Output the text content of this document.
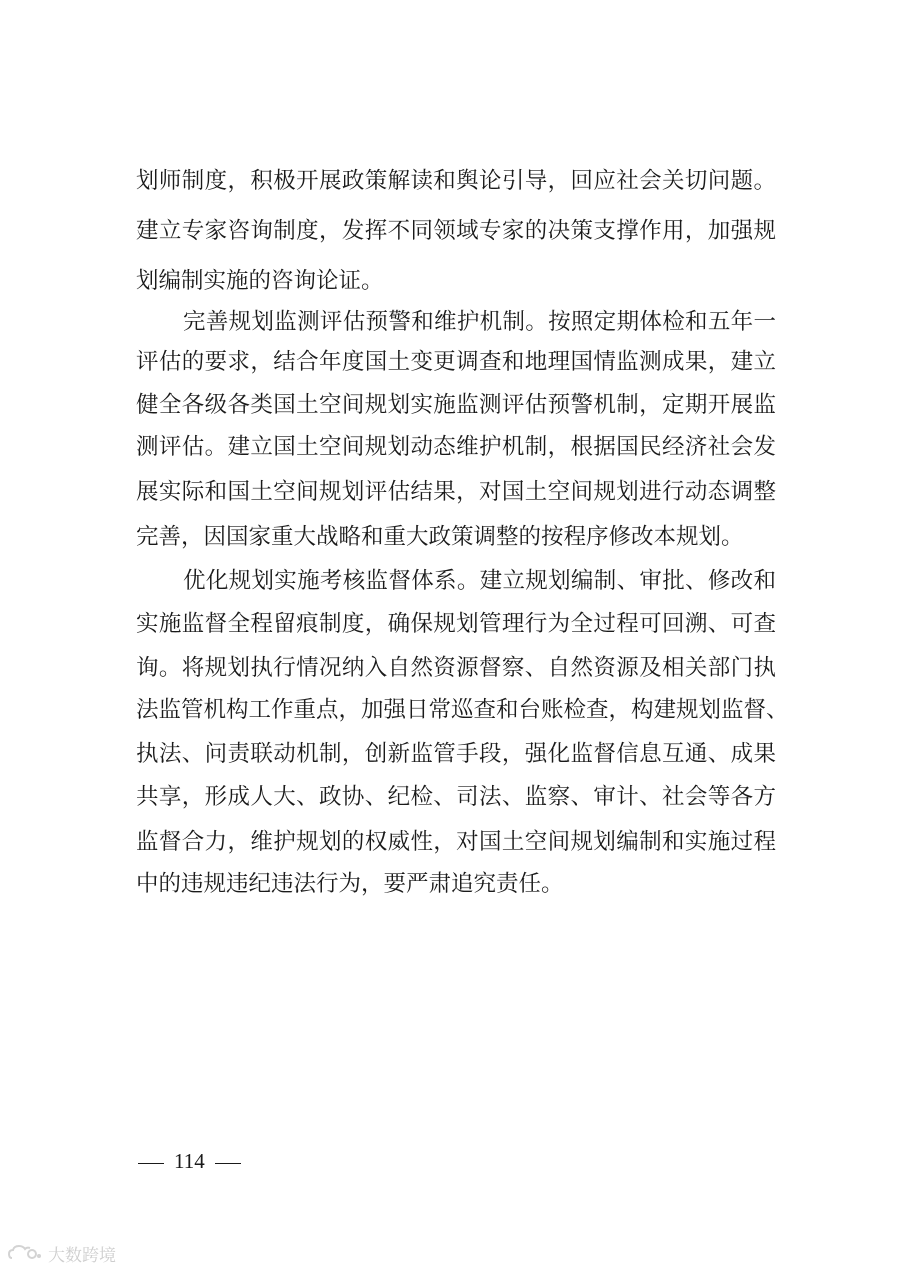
划师制度，积极开展政策解读和舆论引导，回应社会关切问题。
建立专家咨询制度，发挥不同领域专家的决策支撑作用，加强规
划编制实施的咨询论证。
完善规划监测评估预警和维护机制。按照定期体检和五年一
评估的要求，结合年度国土变更调查和地理国情监测成果，建立
健全各级各类国土空间规划实施监测评估预警机制，定期开展监
测评估。建立国土空间规划动态维护机制，根据国民经济社会发
展实际和国土空间规划评估结果，对国土空间规划进行动态调整
完善，因国家重大战略和重大政策调整的按程序修改本规划。
优化规划实施考核监督体系。建立规划编制、审批、修改和
实施监督全程留痕制度，确保规划管理行为全过程可回溯、可查
询。将规划执行情况纳入自然资源督察、自然资源及相关部门执
法监管机构工作重点，加强日常巡查和台账检查，构建规划监督、
执法、问责联动机制，创新监管手段，强化监督信息互通、成果
共享，形成人大、政协、纪检、司法、监察、审计、社会等各方
监督合力，维护规划的权威性，对国土空间规划编制和实施过程
中的违规违纪违法行为，要严肃追究责任。
114
大数跨境
